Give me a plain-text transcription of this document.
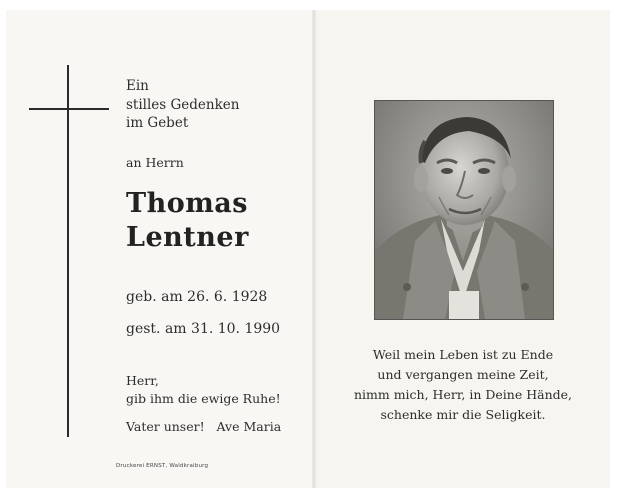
Ein

stilles Gedenken

im Gebet

an Herrn

Thomas

Lentner

geb. am 26. 6. 1928

gest. am 31. 10. 1990

Herr,

gib ihm die ewige Ruhe!

Vater unser!   Ave Maria

Druckerei ERNST, Waldkraiburg

Weil mein Leben ist zu Ende

und vergangen meine Zeit,

nimm mich, Herr, in Deine Hände,

schenke mir die Seligkeit.
